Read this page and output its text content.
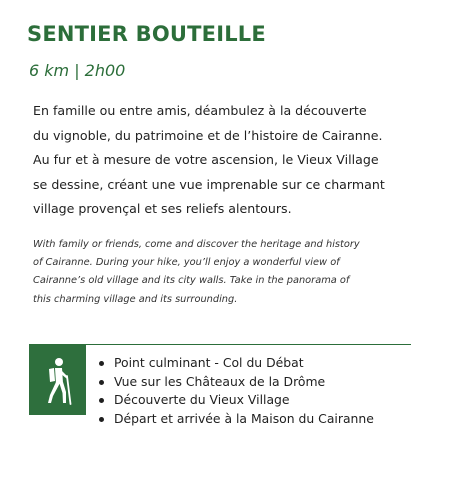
SENTIER BOUTEILLE

6 km | 2h00

En famille ou entre amis, déambulez à la découverte
du vignoble, du patrimoine et de l’histoire de Cairanne.
Au fur et à mesure de votre ascension, le Vieux Village
se dessine, créant une vue imprenable sur ce charmant
village provençal et ses reliefs alentours.

With family or friends, come and discover the heritage and history
of Cairanne. During your hike, you’ll enjoy a wonderful view of
Cairanne’s old village and its city walls. Take in the panorama of
this charming village and its surrounding.

Point culminant - Col du Débat
Vue sur les Châteaux de la Drôme
Découverte du Vieux Village
Départ et arrivée à la Maison du Cairanne
